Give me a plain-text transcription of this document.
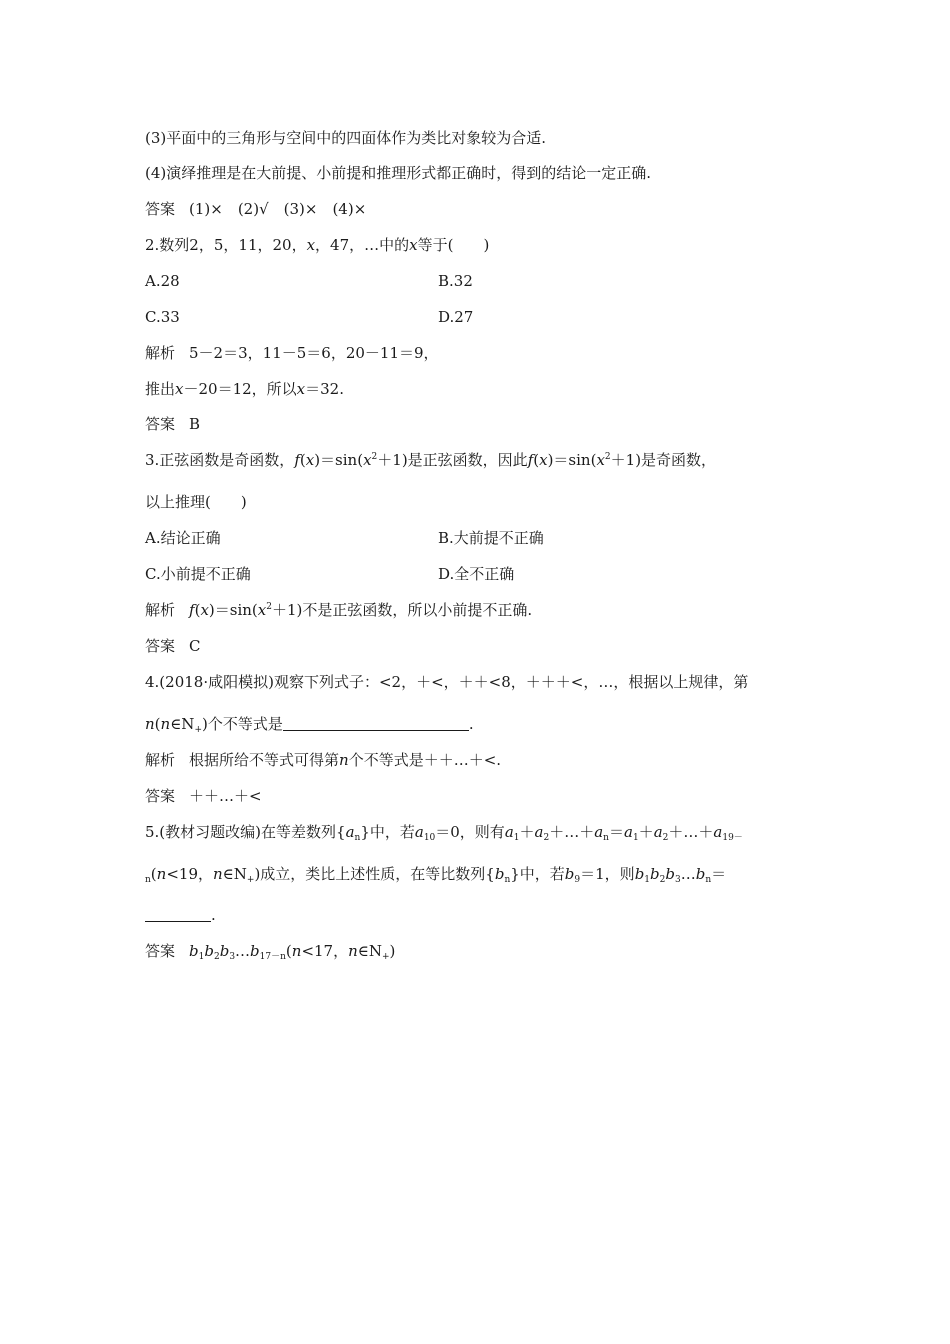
(3)平面中的三角形与空间中的四面体作为类比对象较为合适.
(4)演绎推理是在大前提、小前提和推理形式都正确时，得到的结论一定正确.
答案 (1)×　(2)√　(3)×　(4)×
2.数列2，5，11，20，x，47，…中的x等于(　　)
A.28	B.32
C.33	D.27
解析 5－2＝3，11－5＝6，20－11＝9，
推出x－20＝12，所以x＝32.
答案 B
3.正弦函数是奇函数，$f(x)=\sin(x^2+1)$是正弦函数，因此$f(x)=\sin(x^2+1)$是奇函数，
以上推理(　　)
A.结论正确	B.大前提不正确
C.小前提不正确	D.全不正确
解析 $f(x)=\sin(x^2+1)$不是正弦函数，所以小前提不正确.
答案 C
4.(2018·咸阳模拟)观察下列式子：<2，＋<，＋＋<8，＋＋＋<，…，根据以上规律，第
$n(n\in N_+)$个不等式是	.
解析 根据所给不等式可得第n个不等式是＋＋…＋<.
答案 ＋＋…＋<
5.(教材习题改编)在等差数列$\{a_n\}$中，若$a_{10}=0$，则有$a_1+a_2+\dots+a_n=a_1+a_2+\dots+a_{19-}$
$_n$(n<19，$n\in N_+$)成立，类比上述性质，在等比数列$\{b_n\}$中，若$b_9=1$，则$b_1b_2b_3\dots b_n=$
.
答案 $b_1b_2b_3\dots b_{17-n}(n<17$，$n\in N_+$)
